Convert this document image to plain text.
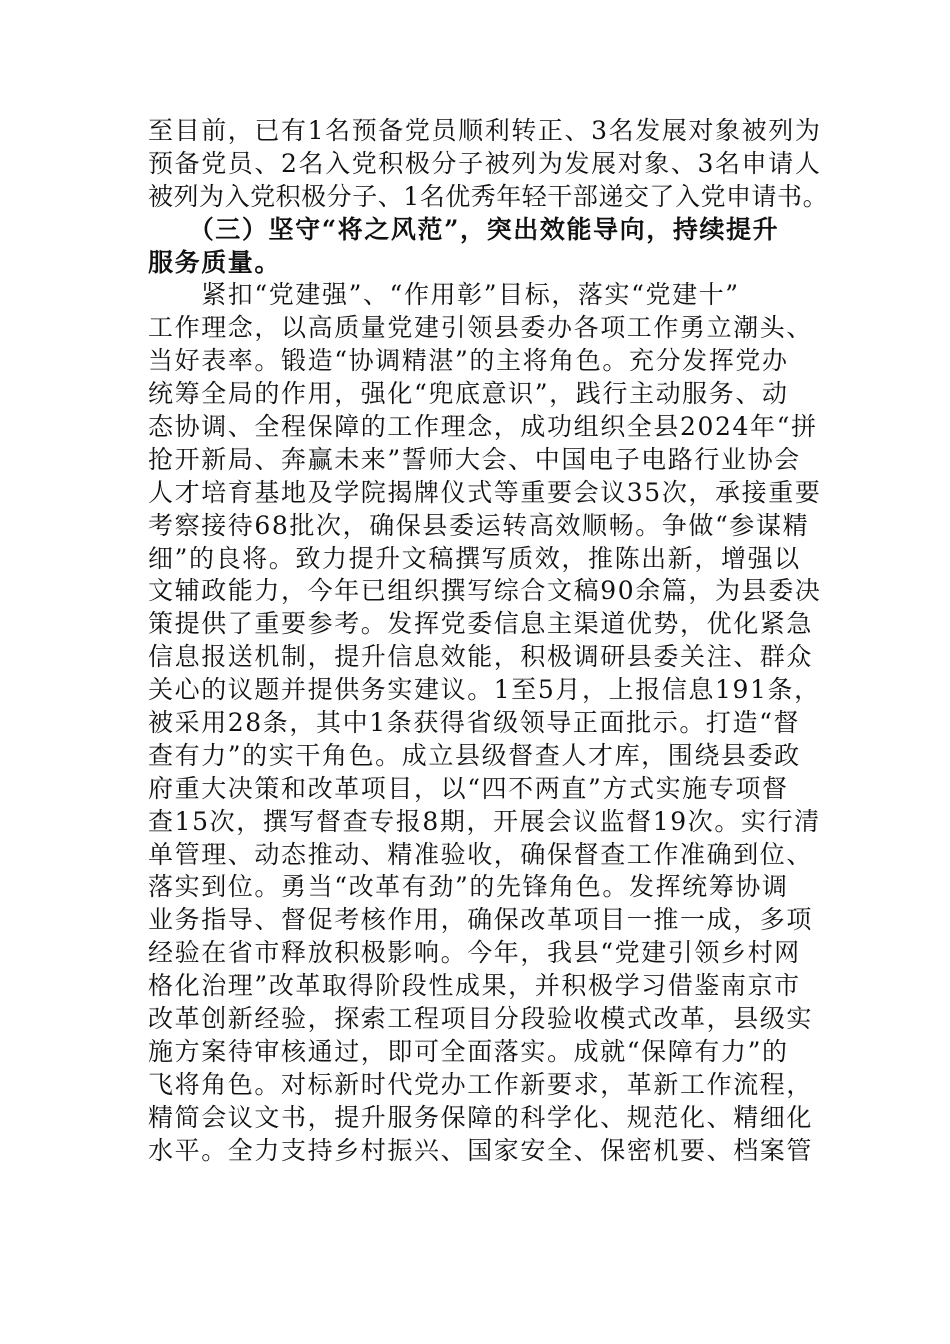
至目前，已有1名预备党员顺利转正、3名发展对象被列为
预备党员、2名入党积极分子被列为发展对象、3名申请人
被列为入党积极分子、1名优秀年轻干部递交了入党申请书。
　　（三）坚守“将之风范”，突出效能导向，持续提升
服务质量。
　　紧扣“党建强”、“作用彰”目标，落实“党建十”
工作理念，以高质量党建引领县委办各项工作勇立潮头、
当好表率。锻造“协调精湛”的主将角色。充分发挥党办
统筹全局的作用，强化“兜底意识”，践行主动服务、动
态协调、全程保障的工作理念，成功组织全县2024年“拼
抢开新局、奔赢未来”誓师大会、中国电子电路行业协会
人才培育基地及学院揭牌仪式等重要会议35次，承接重要
考察接待68批次，确保县委运转高效顺畅。争做“参谋精
细”的良将。致力提升文稿撰写质效，推陈出新，增强以
文辅政能力，今年已组织撰写综合文稿90余篇，为县委决
策提供了重要参考。发挥党委信息主渠道优势，优化紧急
信息报送机制，提升信息效能，积极调研县委关注、群众
关心的议题并提供务实建议。1至5月，上报信息191条，
被采用28条，其中1条获得省级领导正面批示。打造“督
查有力”的实干角色。成立县级督查人才库，围绕县委政
府重大决策和改革项目，以“四不两直”方式实施专项督
查15次，撰写督查专报8期，开展会议监督19次。实行清
单管理、动态推动、精准验收，确保督查工作准确到位、
落实到位。勇当“改革有劲”的先锋角色。发挥统筹协调
业务指导、督促考核作用，确保改革项目一推一成，多项
经验在省市释放积极影响。今年，我县“党建引领乡村网
格化治理”改革取得阶段性成果，并积极学习借鉴南京市
改革创新经验，探索工程项目分段验收模式改革，县级实
施方案待审核通过，即可全面落实。成就“保障有力”的
飞将角色。对标新时代党办工作新要求，革新工作流程，
精简会议文书，提升服务保障的科学化、规范化、精细化
水平。全力支持乡村振兴、国家安全、保密机要、档案管
